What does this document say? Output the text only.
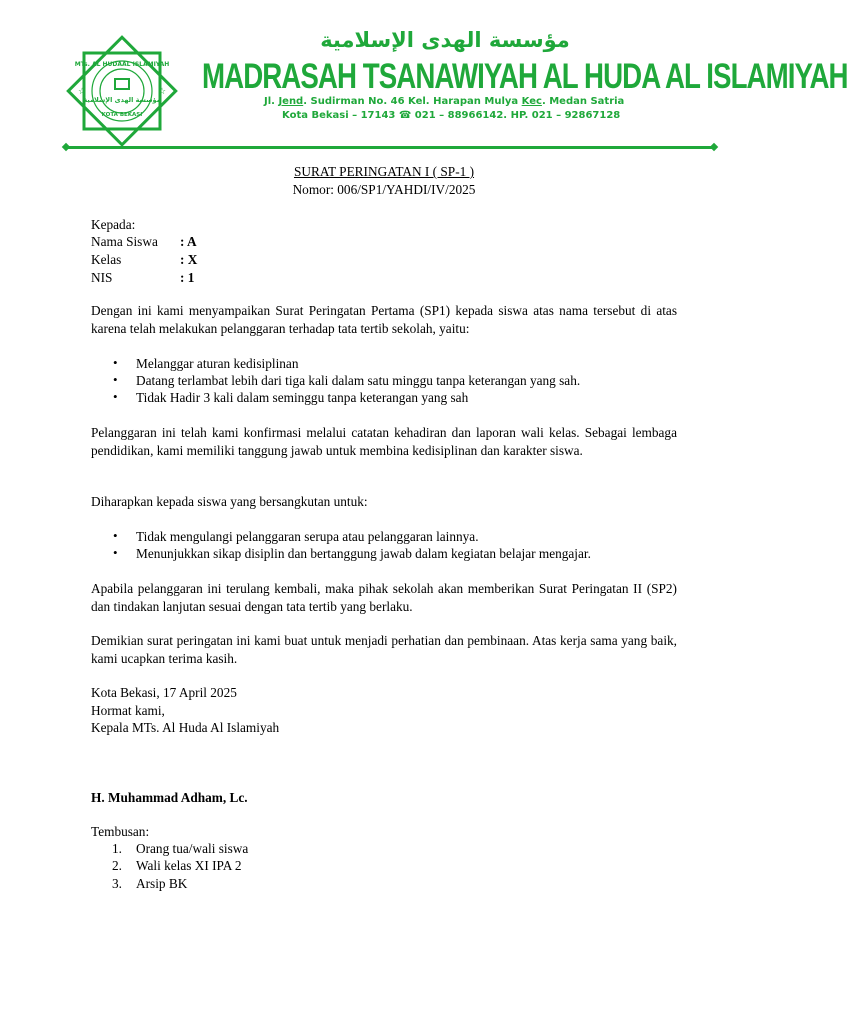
MTs. AL HUDAAL ISLAMIYAH
مؤسسة الهدى الإسلامية
KOTA BEKASI
☆	☆
مؤسسة الهدى الإسلامية
MADRASAH TSANAWIYAH AL HUDA AL ISLAMIYAH
Jl. Jend. Sudirman No. 46 Kel. Harapan Mulya Kec. Medan Satria
Kota Bekasi – 17143 ☎ 021 – 88966142. HP. 021 – 92867128
SURAT PERINGATAN I ( SP-1 )
Nomor: 006/SP1/YAHDI/IV/2025
Kepada:
Nama Siswa : A
Kelas	: X
NIS	: 1
Dengan ini kami menyampaikan Surat Peringatan Pertama (SP1) kepada siswa atas nama tersebut di atas karena telah melakukan pelanggaran terhadap tata tertib sekolah, yaitu:
• Melanggar aturan kedisiplinan
• Datang terlambat lebih dari tiga kali dalam satu minggu tanpa keterangan yang sah.
• Tidak Hadir 3 kali dalam seminggu tanpa keterangan yang sah
Pelanggaran ini telah kami konfirmasi melalui catatan kehadiran dan laporan wali kelas. Sebagai lembaga pendidikan, kami memiliki tanggung jawab untuk membina kedisiplinan dan karakter siswa.
Diharapkan kepada siswa yang bersangkutan untuk:
• Tidak mengulangi pelanggaran serupa atau pelanggaran lainnya.
• Menunjukkan sikap disiplin dan bertanggung jawab dalam kegiatan belajar mengajar.
Apabila pelanggaran ini terulang kembali, maka pihak sekolah akan memberikan Surat Peringatan II (SP2) dan tindakan lanjutan sesuai dengan tata tertib yang berlaku.
Demikian surat peringatan ini kami buat untuk menjadi perhatian dan pembinaan. Atas kerja sama yang baik, kami ucapkan terima kasih.
Kota Bekasi, 17 April 2025
Hormat kami,
Kepala MTs. Al Huda Al Islamiyah
H. Muhammad Adham, Lc.
Tembusan:
1. Orang tua/wali siswa
2. Wali kelas XI IPA 2
3. Arsip BK
